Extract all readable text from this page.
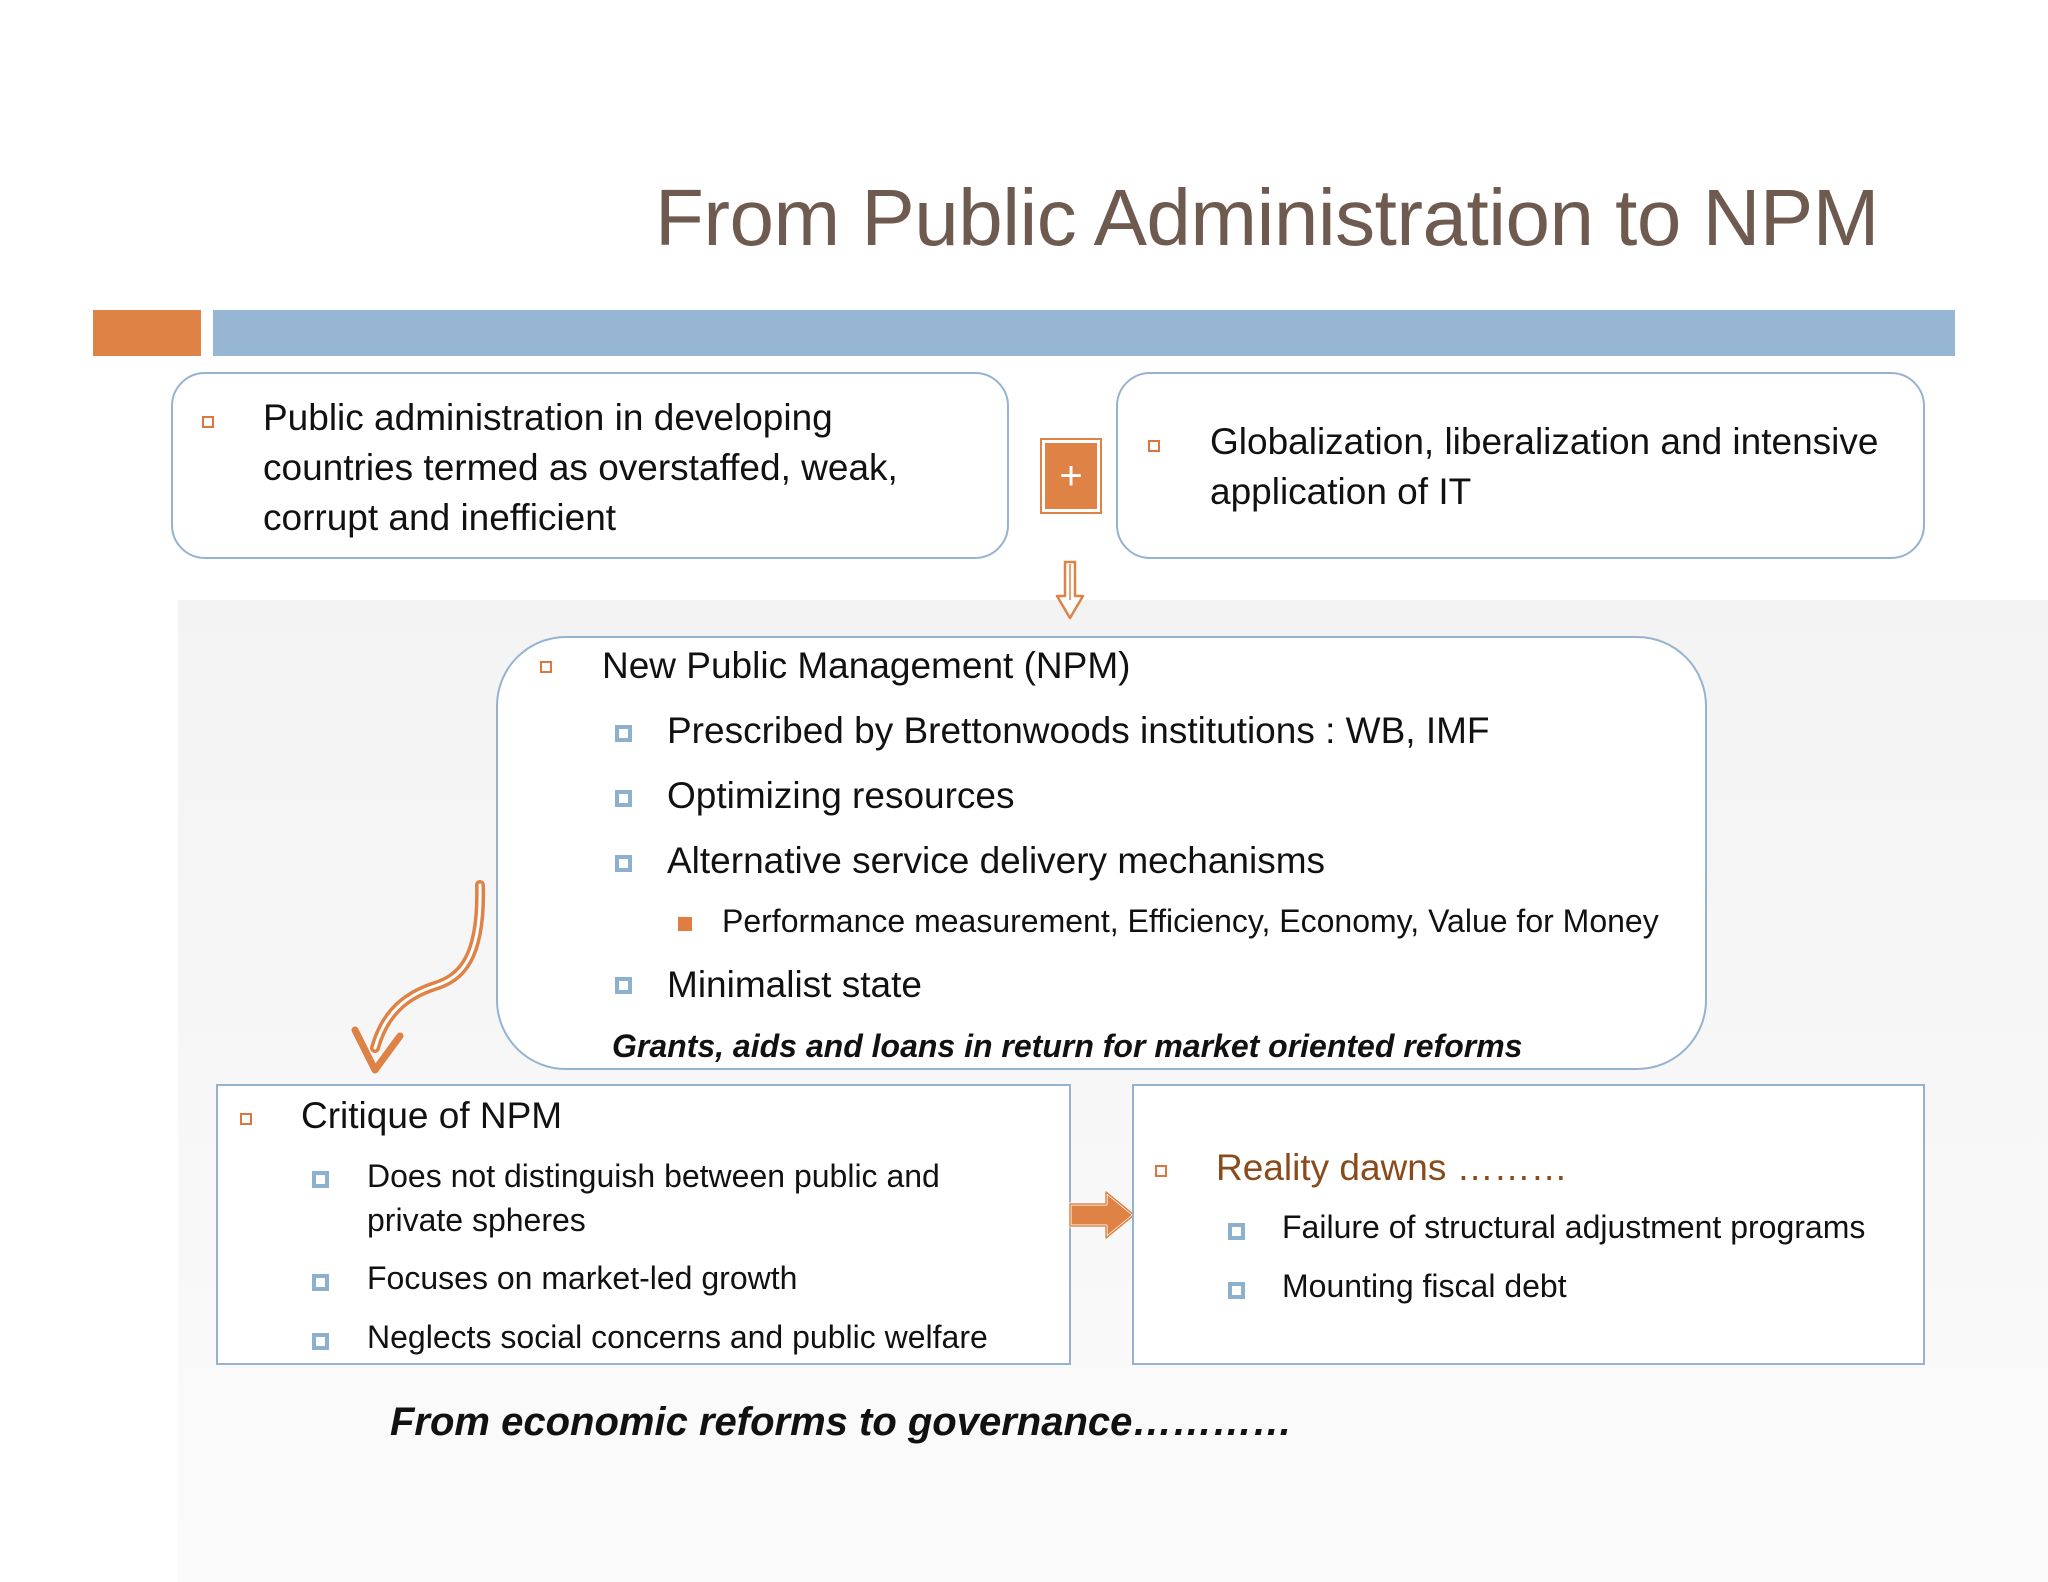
From Public Administration to NPM
Public administration in developing
countries termed as overstaffed, weak,
corrupt and inefficient
+
Globalization, liberalization and intensive
application of IT
New Public Management (NPM)
Prescribed by Brettonwoods institutions : WB, IMF
Optimizing resources
Alternative service delivery mechanisms
Performance measurement, Efficiency, Economy, Value for Money
Minimalist state
Grants, aids and loans in return for market oriented reforms
Critique of NPM
Does not distinguish between public and
private spheres
Focuses on market-led growth
Neglects social concerns and public welfare
Reality dawns ………
Failure of structural adjustment programs
Mounting fiscal debt
From economic reforms to governance…………
